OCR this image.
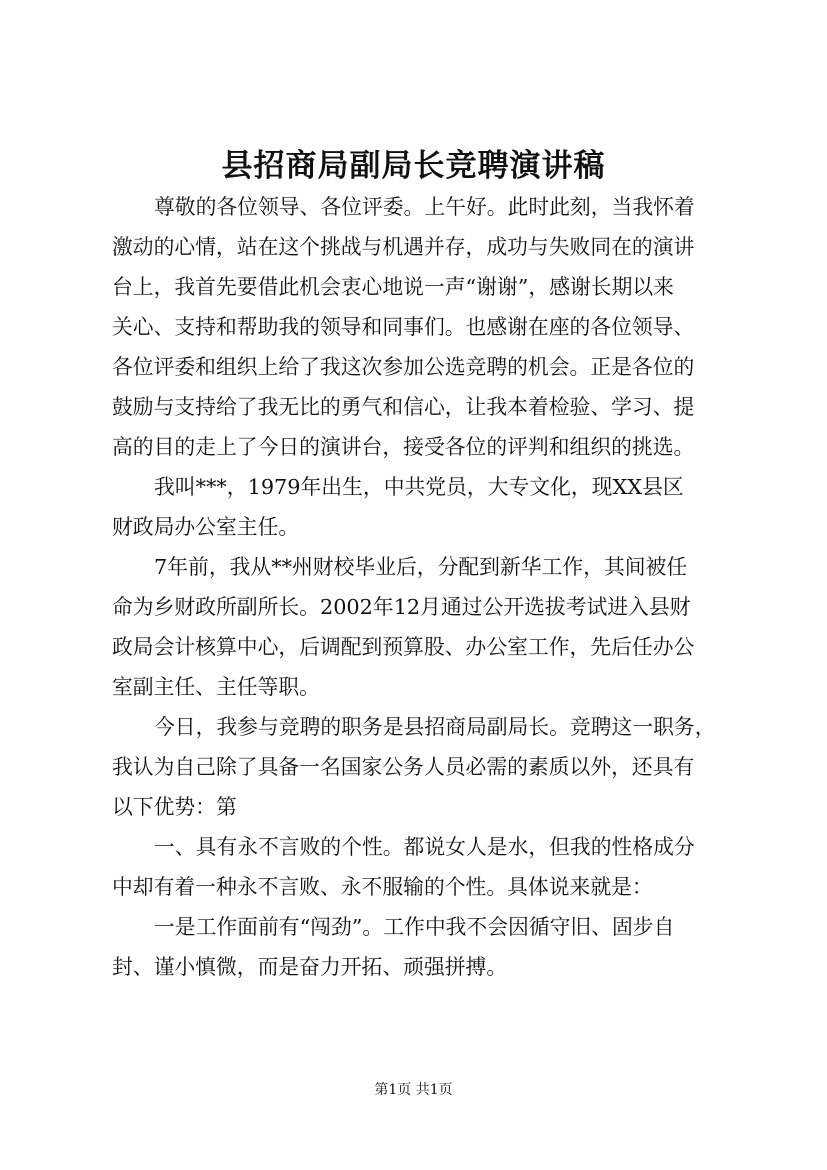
县招商局副局长竞聘演讲稿
尊敬的各位领导、各位评委。上午好。此时此刻，当我怀着
激动的心情，站在这个挑战与机遇并存，成功与失败同在的演讲
台上，我首先要借此机会衷心地说一声“谢谢”，感谢长期以来
关心、支持和帮助我的领导和同事们。也感谢在座的各位领导、
各位评委和组织上给了我这次参加公选竞聘的机会。正是各位的
鼓励与支持给了我无比的勇气和信心，让我本着检验、学习、提
高的目的走上了今日的演讲台，接受各位的评判和组织的挑选。
我叫***，1979年出生，中共党员，大专文化，现XX县区
财政局办公室主任。
7年前，我从**州财校毕业后，分配到新华工作，其间被任
命为乡财政所副所长。2002年12月通过公开选拔考试进入县财
政局会计核算中心，后调配到预算股、办公室工作，先后任办公
室副主任、主任等职。
今日，我参与竞聘的职务是县招商局副局长。竞聘这一职务，
我认为自己除了具备一名国家公务人员必需的素质以外，还具有
以下优势：第
一、具有永不言败的个性。都说女人是水，但我的性格成分
中却有着一种永不言败、永不服输的个性。具体说来就是：
一是工作面前有“闯劲”。工作中我不会因循守旧、固步自
封、谨小慎微，而是奋力开拓、顽强拼搏。
第1页 共1页
